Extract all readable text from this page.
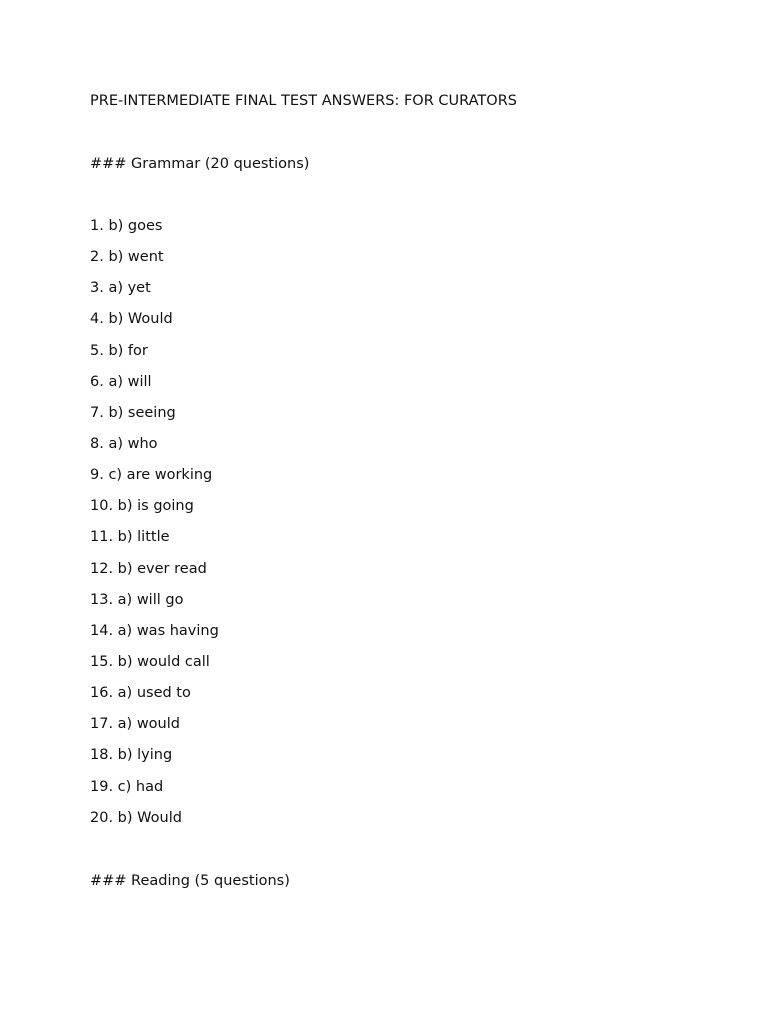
PRE-INTERMEDIATE FINAL TEST ANSWERS: FOR CURATORS
### Grammar (20 questions)
1. b) goes
2. b) went
3. a) yet
4. b) Would
5. b) for
6. a) will
7. b) seeing
8. a) who
9. c) are working
10. b) is going
11. b) little
12. b) ever read
13. a) will go
14. a) was having
15. b) would call
16. a) used to
17. a) would
18. b) lying
19. c) had
20. b) Would
### Reading (5 questions)
